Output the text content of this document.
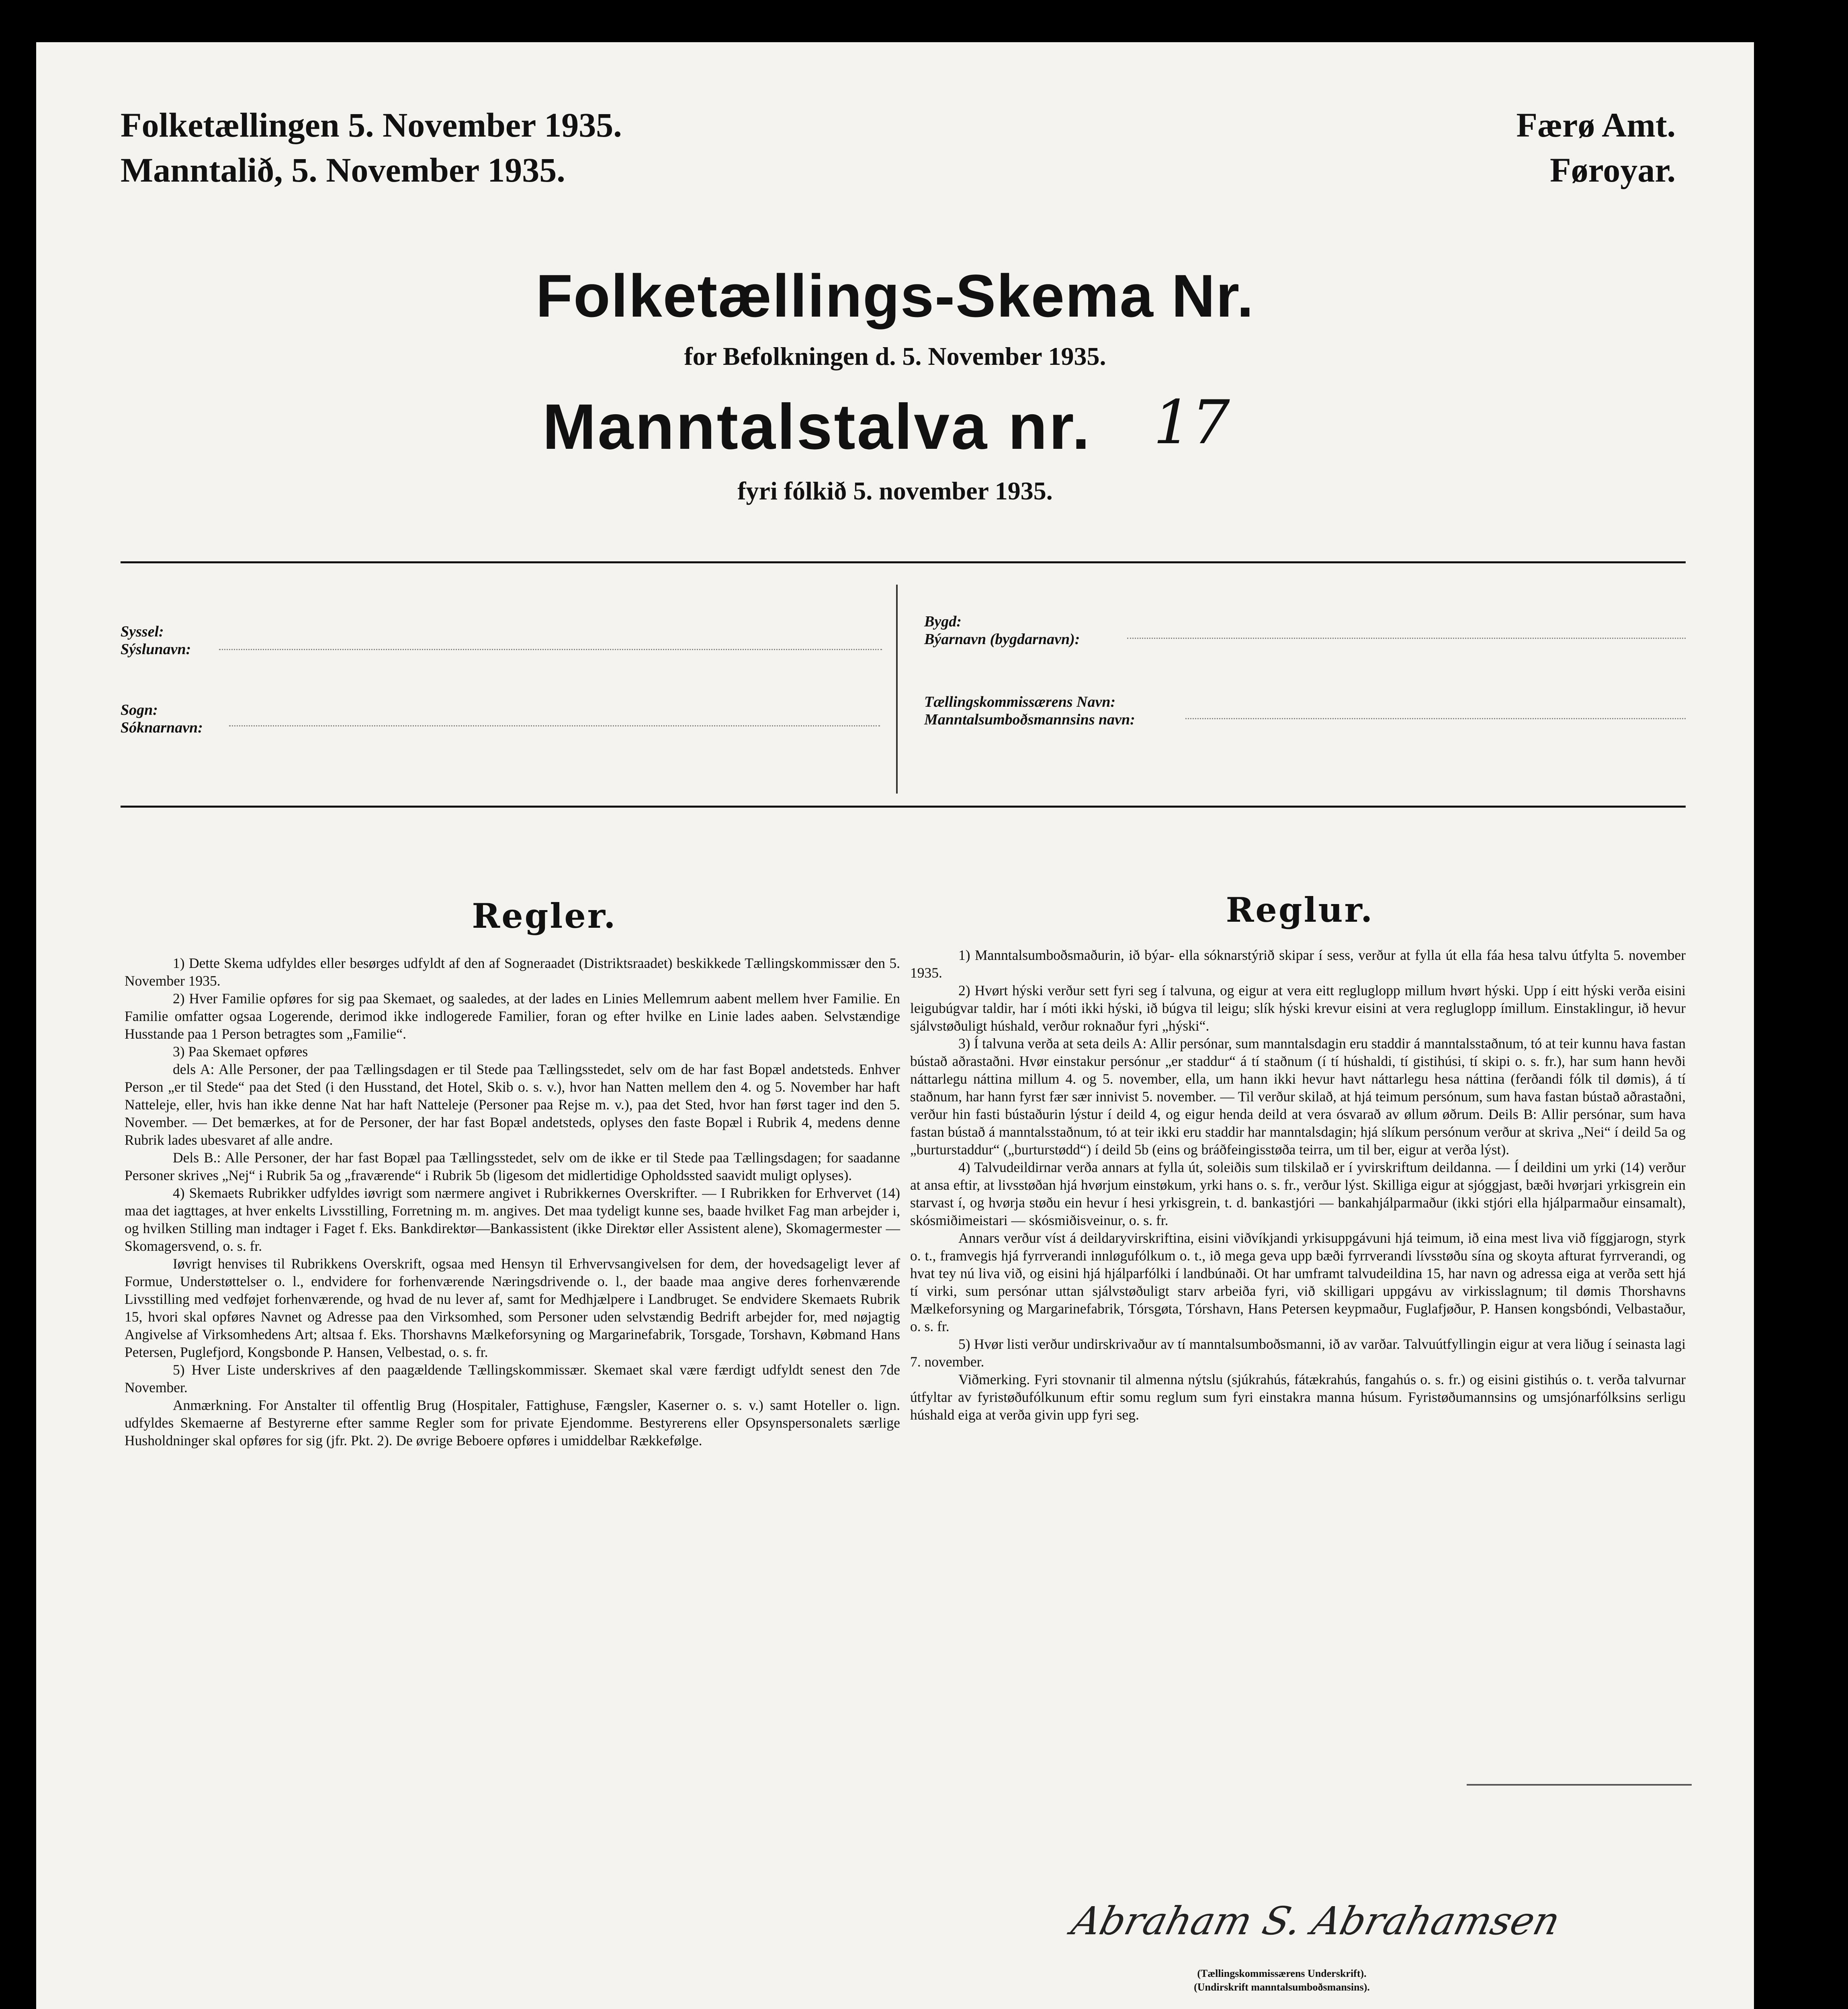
Folketællingen 5. November 1935.
Manntalið, 5. November 1935.
Færø Amt.
Føroyar.
Folketællings-Skema Nr.
for Befolkningen d. 5. November 1935.
Manntalstalva nr. 17
fyri fólkið 5. november 1935.
Syssel:
Sýslunavn:
Sogn:
Sóknarnavn:
Bygd:
Býarnavn (bygdarnavn):
Tællingskommissærens Navn:
Manntalsumboðsmannsins navn:
Regler.

1) Dette Skema udfyldes eller besørges udfyldt af den af Sogneraadet (Distriktsraadet) beskikkede Tællingskommissær den 5. November 1935.

2) Hver Familie opføres for sig paa Skemaet, og saaledes, at der lades en Linies Mellemrum aabent mellem hver Familie. En Familie omfatter ogsaa Logerende, derimod ikke indlogerede Familier, foran og efter hvilke en Linie lades aaben. Selvstændige Husstande paa 1 Person betragtes som „Familie“.

3) Paa Skemaet opføres

dels A: Alle Personer, der paa Tællingsdagen er til Stede paa Tællingsstedet, selv om de har fast Bopæl andetsteds. Enhver Person „er til Stede“ paa det Sted (i den Husstand, det Hotel, Skib o. s. v.), hvor han Natten mellem den 4. og 5. November har haft Natteleje, eller, hvis han ikke denne Nat har haft Natteleje (Personer paa Rejse m. v.), paa det Sted, hvor han først tager ind den 5. November. — Det bemærkes, at for de Personer, der har fast Bopæl andetsteds, oplyses den faste Bopæl i Rubrik 4, medens denne Rubrik lades ubesvaret af alle andre.

Dels B.: Alle Personer, der har fast Bopæl paa Tællingsstedet, selv om de ikke er til Stede paa Tællingsdagen; for saadanne Personer skrives „Nej“ i Rubrik 5a og „fraværende“ i Rubrik 5b (ligesom det midlertidige Opholdssted saavidt muligt oplyses).

4) Skemaets Rubrikker udfyldes iøvrigt som nærmere angivet i Rubrikkernes Overskrifter. — I Rubrikken for Erhvervet (14) maa det iagttages, at hver enkelts Livsstilling, Forretning m. m. angives. Det maa tydeligt kunne ses, baade hvilket Fag man arbejder i, og hvilken Stilling man indtager i Faget f. Eks. Bankdirektør—Bankassistent (ikke Direktør eller Assistent alene), Skomagermester — Skomagersvend, o. s. fr.

Iøvrigt henvises til Rubrikkens Overskrift, ogsaa med Hensyn til Erhvervsangivelsen for dem, der hovedsageligt lever af Formue, Understøttelser o. l., endvidere for forhenværende Næringsdrivende o. l., der baade maa angive deres forhenværende Livsstilling med vedføjet forhenværende, og hvad de nu lever af, samt for Medhjælpere i Landbruget. Se endvidere Skemaets Rubrik 15, hvori skal opføres Navnet og Adresse paa den Virksomhed, som Personer uden selvstændig Bedrift arbejder for, med nøjagtig Angivelse af Virksomhedens Art; altsaa f. Eks. Thorshavns Mælkeforsyning og Margarinefabrik, Torsgade, Torshavn, Købmand Hans Petersen, Puglefjord, Kongsbonde P. Hansen, Velbestad, o. s. fr.

5) Hver Liste underskrives af den paagældende Tællingskommissær. Skemaet skal være færdigt udfyldt senest den 7de November.

Anmærkning. For Anstalter til offentlig Brug (Hospitaler, Fattighuse, Fængsler, Kaserner o. s. v.) samt Hoteller o. lign. udfyldes Skemaerne af Bestyrerne efter samme Regler som for private Ejendomme. Bestyrerens eller Opsynspersonalets særlige Husholdninger skal opføres for sig (jfr. Pkt. 2). De øvrige Beboere opføres i umiddelbar Rækkefølge.

Reglur.

1) Manntalsumboðsmaðurin, ið býar- ella sóknarstýrið skipar í sess, verður at fylla út ella fáa hesa talvu útfylta 5. november 1935.

2) Hvørt hýski verður sett fyri seg í talvuna, og eigur at vera eitt regluglopp millum hvørt hýski. Upp í eitt hýski verða eisini leigubúgvar taldir, har í móti ikki hýski, ið búgva til leigu; slík hýski krevur eisini at vera regluglopp ímillum. Einstaklingur, ið hevur sjálvstøðuligt húshald, verður roknaður fyri „hýski“.

3) Í talvuna verða at seta deils A: Allir persónar, sum manntalsdagin eru staddir á manntalsstaðnum, tó at teir kunnu hava fastan bústað aðrastaðni. Hvør einstakur persónur „er staddur“ á tí staðnum (í tí húshaldi, tí gistihúsi, tí skipi o. s. fr.), har sum hann hevði náttarlegu náttina millum 4. og 5. november, ella, um hann ikki hevur havt náttarlegu hesa náttina (ferðandi fólk til dømis), á tí staðnum, har hann fyrst fær sær innivist 5. november. — Til verður skilað, at hjá teimum persónum, sum hava fastan bústað aðrastaðni, verður hin fasti bústaðurin lýstur í deild 4, og eigur henda deild at vera ósvarað av øllum øðrum. Deils B: Allir persónar, sum hava fastan bústað á manntalsstaðnum, tó at teir ikki eru staddir har manntalsdagin; hjá slíkum persónum verður at skriva „Nei“ í deild 5a og „burturstaddur“ („burturstødd“) í deild 5b (eins og bráðfeingisstøða teirra, um til ber, eigur at verða lýst).

4) Talvudeildirnar verða annars at fylla út, soleiðis sum tilskilað er í yvirskriftum deildanna. — Í deildini um yrki (14) verður at ansa eftir, at livsstøðan hjá hvørjum einstøkum, yrki hans o. s. fr., verður lýst. Skilliga eigur at sjóggjast, bæði hvørjari yrkisgrein ein starvast í, og hvørja støðu ein hevur í hesi yrkisgrein, t. d. bankastjóri — bankahjálparmaður (ikki stjóri ella hjálparmaður einsamalt), skósmiðimeistari — skósmiðisveinur, o. s. fr.

Annars verður víst á deildaryvirskriftina, eisini viðvíkjandi yrkisuppgávuni hjá teimum, ið eina mest liva við fíggjarogn, styrk o. t., framvegis hjá fyrrverandi innløgufólkum o. t., ið mega geva upp bæði fyrrverandi lívsstøðu sína og skoyta afturat fyrrverandi, og hvat tey nú liva við, og eisini hjá hjálparfólki í landbúnaði. Ot har umframt talvudeildina 15, har navn og adressa eiga at verða sett hjá tí virki, sum persónar uttan sjálvstøðuligt starv arbeiða fyri, við skilligari uppgávu av virkisslagnum; til dømis Thorshavns Mælkeforsyning og Margarinefabrik, Tórsgøta, Tórshavn, Hans Petersen keypmaður, Fuglafjøður, P. Hansen kongsbóndi, Velbastaður, o. s. fr.

5) Hvør listi verður undirskrivaður av tí manntalsumboðsmanni, ið av varðar. Talvuútfyllingin eigur at vera liðug í seinasta lagi 7. november.

Viðmerking. Fyri stovnanir til almenna nýtslu (sjúkrahús, fátækrahús, fangahús o. s. fr.) og eisini gistihús o. t. verða talvurnar útfyltar av fyristøðufólkunum eftir somu reglum sum fyri einstakra manna húsum. Fyristøðumannsins og umsjónarfólksins serligu húshald eiga at verða givin upp fyri seg.

Abraham S. Abrahamsen
(Tællingskommissærens Underskrift).
(Undirskrift manntalsumboðsmansins).
